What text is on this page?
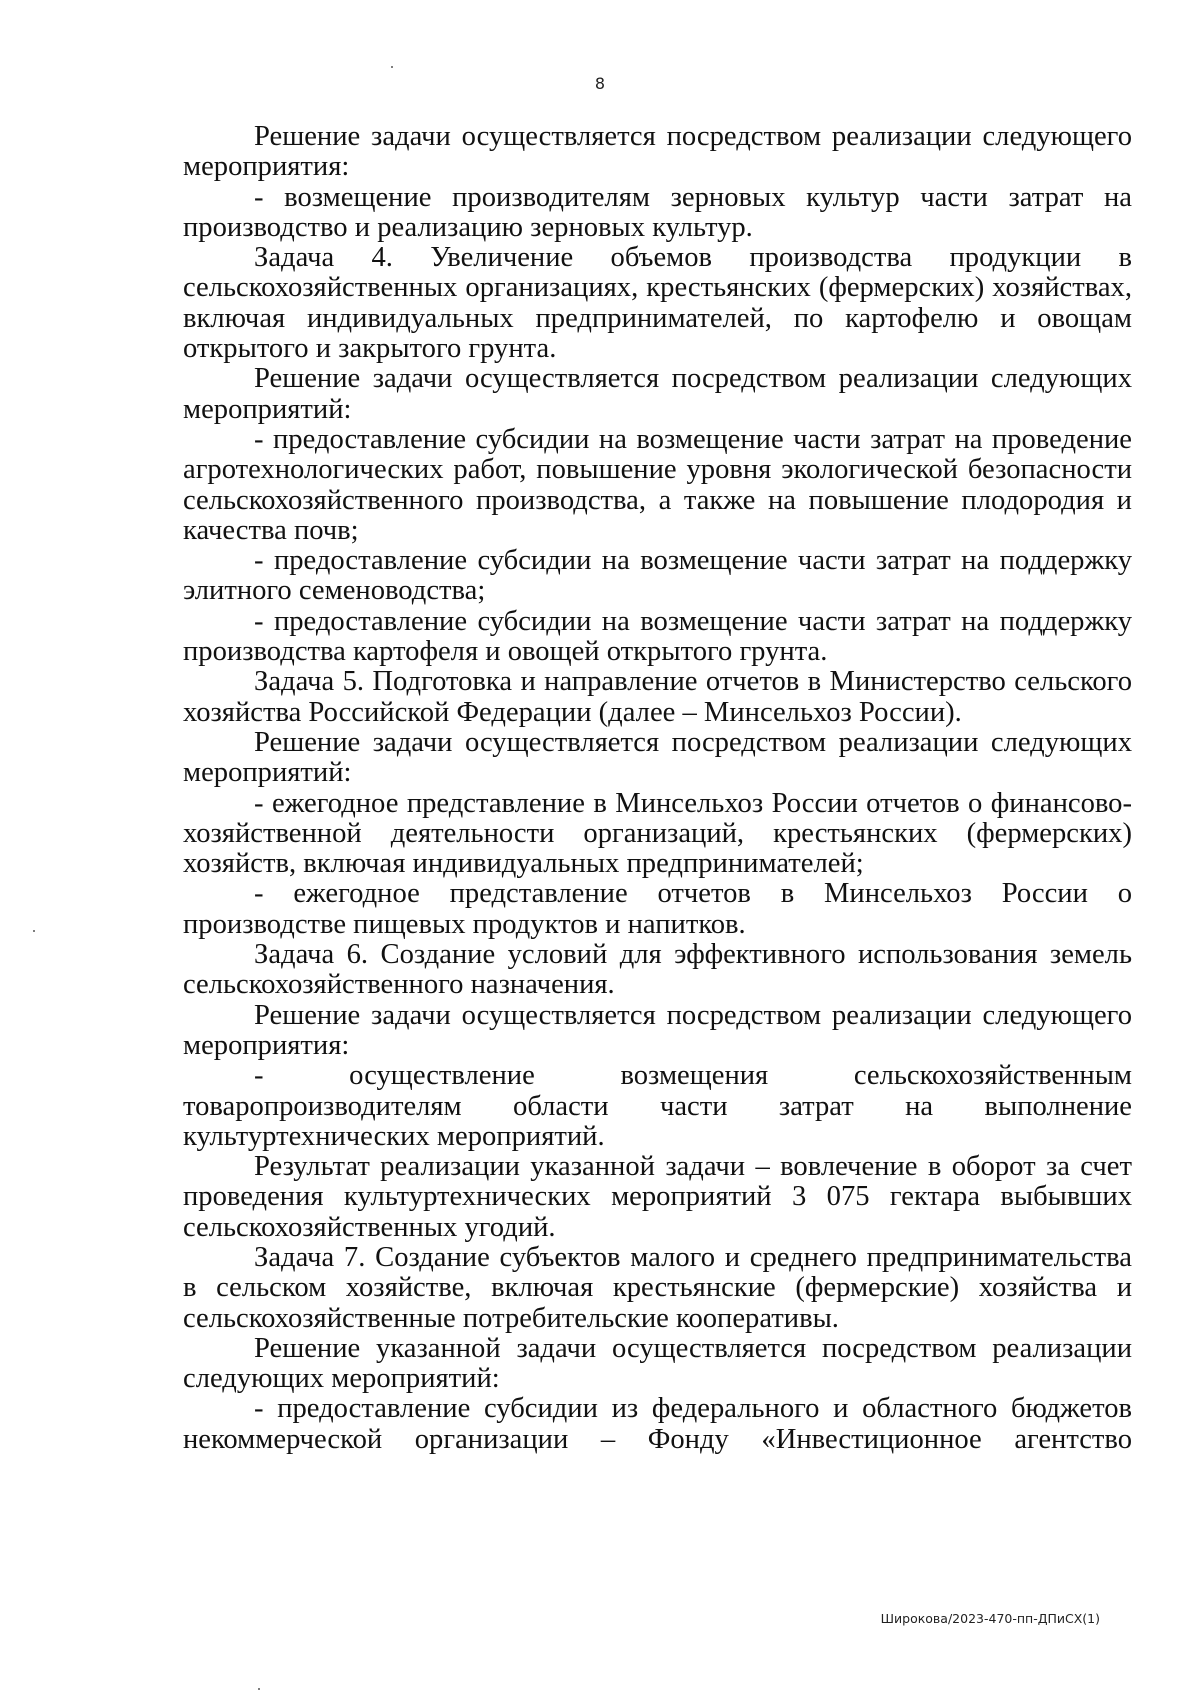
8

Решение задачи осуществляется посредством реализации следующего мероприятия:

- возмещение производителям зерновых культур части затрат на производство и реализацию зерновых культур.

Задача 4. Увеличение объемов производства продукции в сельскохозяйственных организациях, крестьянских (фермерских) хозяйствах, включая индивидуальных предпринимателей, по картофелю и овощам открытого и закрытого грунта.

Решение задачи осуществляется посредством реализации следующих мероприятий:

- предоставление субсидии на возмещение части затрат на проведение агротехнологических работ, повышение уровня экологической безопасности сельскохозяйственного производства, а также на повышение плодородия и качества почв;

- предоставление субсидии на возмещение части затрат на поддержку элитного семеноводства;

- предоставление субсидии на возмещение части затрат на поддержку производства картофеля и овощей открытого грунта.

Задача 5. Подготовка и направление отчетов в Министерство сельского хозяйства Российской Федерации (далее – Минсельхоз России).

Решение задачи осуществляется посредством реализации следующих мероприятий:

- ежегодное представление в Минсельхоз России отчетов о финансово-хозяйственной деятельности организаций, крестьянских (фермерских) хозяйств, включая индивидуальных предпринимателей;

- ежегодное представление отчетов в Минсельхоз России о производстве пищевых продуктов и напитков.

Задача 6. Создание условий для эффективного использования земель сельскохозяйственного назначения.

Решение задачи осуществляется посредством реализации следующего мероприятия:

- осуществление возмещения сельскохозяйственным товаропроизводителям области части затрат на выполнение культуртехнических мероприятий.

Результат реализации указанной задачи – вовлечение в оборот за счет проведения культуртехнических мероприятий 3 075 гектара выбывших сельскохозяйственных угодий.

Задача 7. Создание субъектов малого и среднего предпринимательства в сельском хозяйстве, включая крестьянские (фермерские) хозяйства и сельскохозяйственные потребительские кооперативы.

Решение указанной задачи осуществляется посредством реализации следующих мероприятий:

- предоставление субсидии из федерального и областного бюджетов некоммерческой организации – Фонду «Инвестиционное агентство

Широкова/2023-470-пп-ДПиСХ(1)
